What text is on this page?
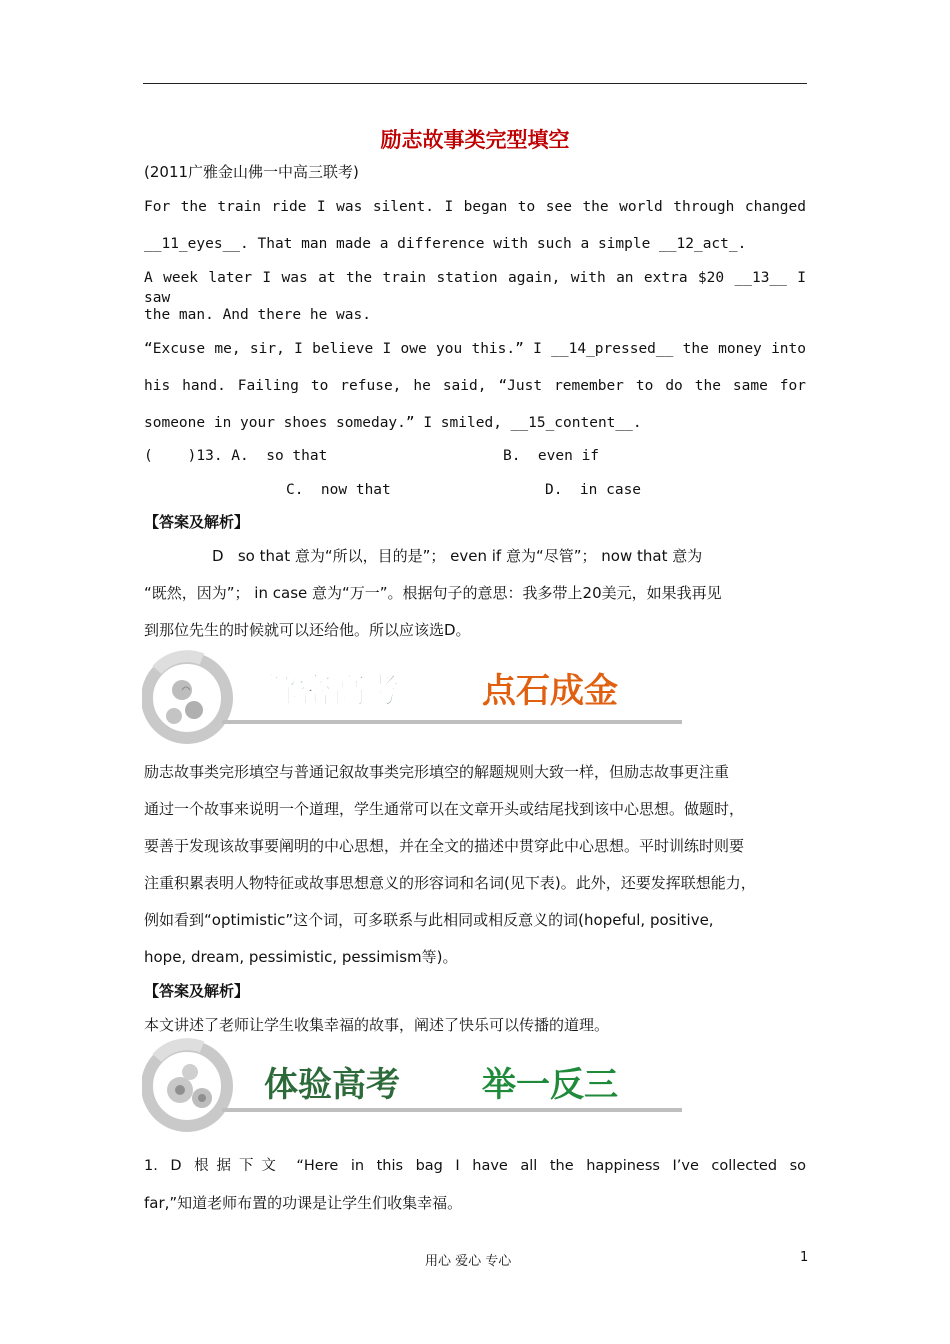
励志故事类完型填空
(2011广雅金山佛一中高三联考)
For the train ride I was silent. I began to see the world through changed
__11_eyes__. That man made a difference with such a simple __12_act_.
A week later I was at the train station again, with an extra $20 __13__ I saw
the man. And there he was.
“Excuse me, sir, I believe I owe you this.” I __14_pressed__ the money into
his hand. Failing to refuse, he said, “Just remember to do the same for
someone in your shoes someday.” I smiled, __15_content__.
(    )13. A.  so that	B.  even if
C.  now that	D.  in case
【答案及解析】
D   so that 意为“所以，目的是”； even if 意为“尽管”； now that 意为
“既然，因为”； in case 意为“万一”。根据句子的意思：我多带上20美元，如果我再见
到那位先生的时候就可以还给他。所以应该选D。
解密高考 点石成金
励志故事类完形填空与普通记叙故事类完形填空的解题规则大致一样，但励志故事更注重
通过一个故事来说明一个道理，学生通常可以在文章开头或结尾找到该中心思想。做题时，
要善于发现该故事要阐明的中心思想，并在全文的描述中贯穿此中心思想。平时训练时则要
注重积累表明人物特征或故事思想意义的形容词和名词(见下表)。此外，还要发挥联想能力，
例如看到“optimistic”这个词，可多联系与此相同或相反意义的词(hopeful, positive,
hope, dream, pessimistic, pessimism等)。
【答案及解析】
本文讲述了老师让学生收集幸福的故事，阐述了快乐可以传播的道理。
体验高考 举一反三
1. D 根据下文 “Here in this bag I have all the happiness I’ve collected so
far,”知道老师布置的功课是让学生们收集幸福。
用心 爱心 专心	1
